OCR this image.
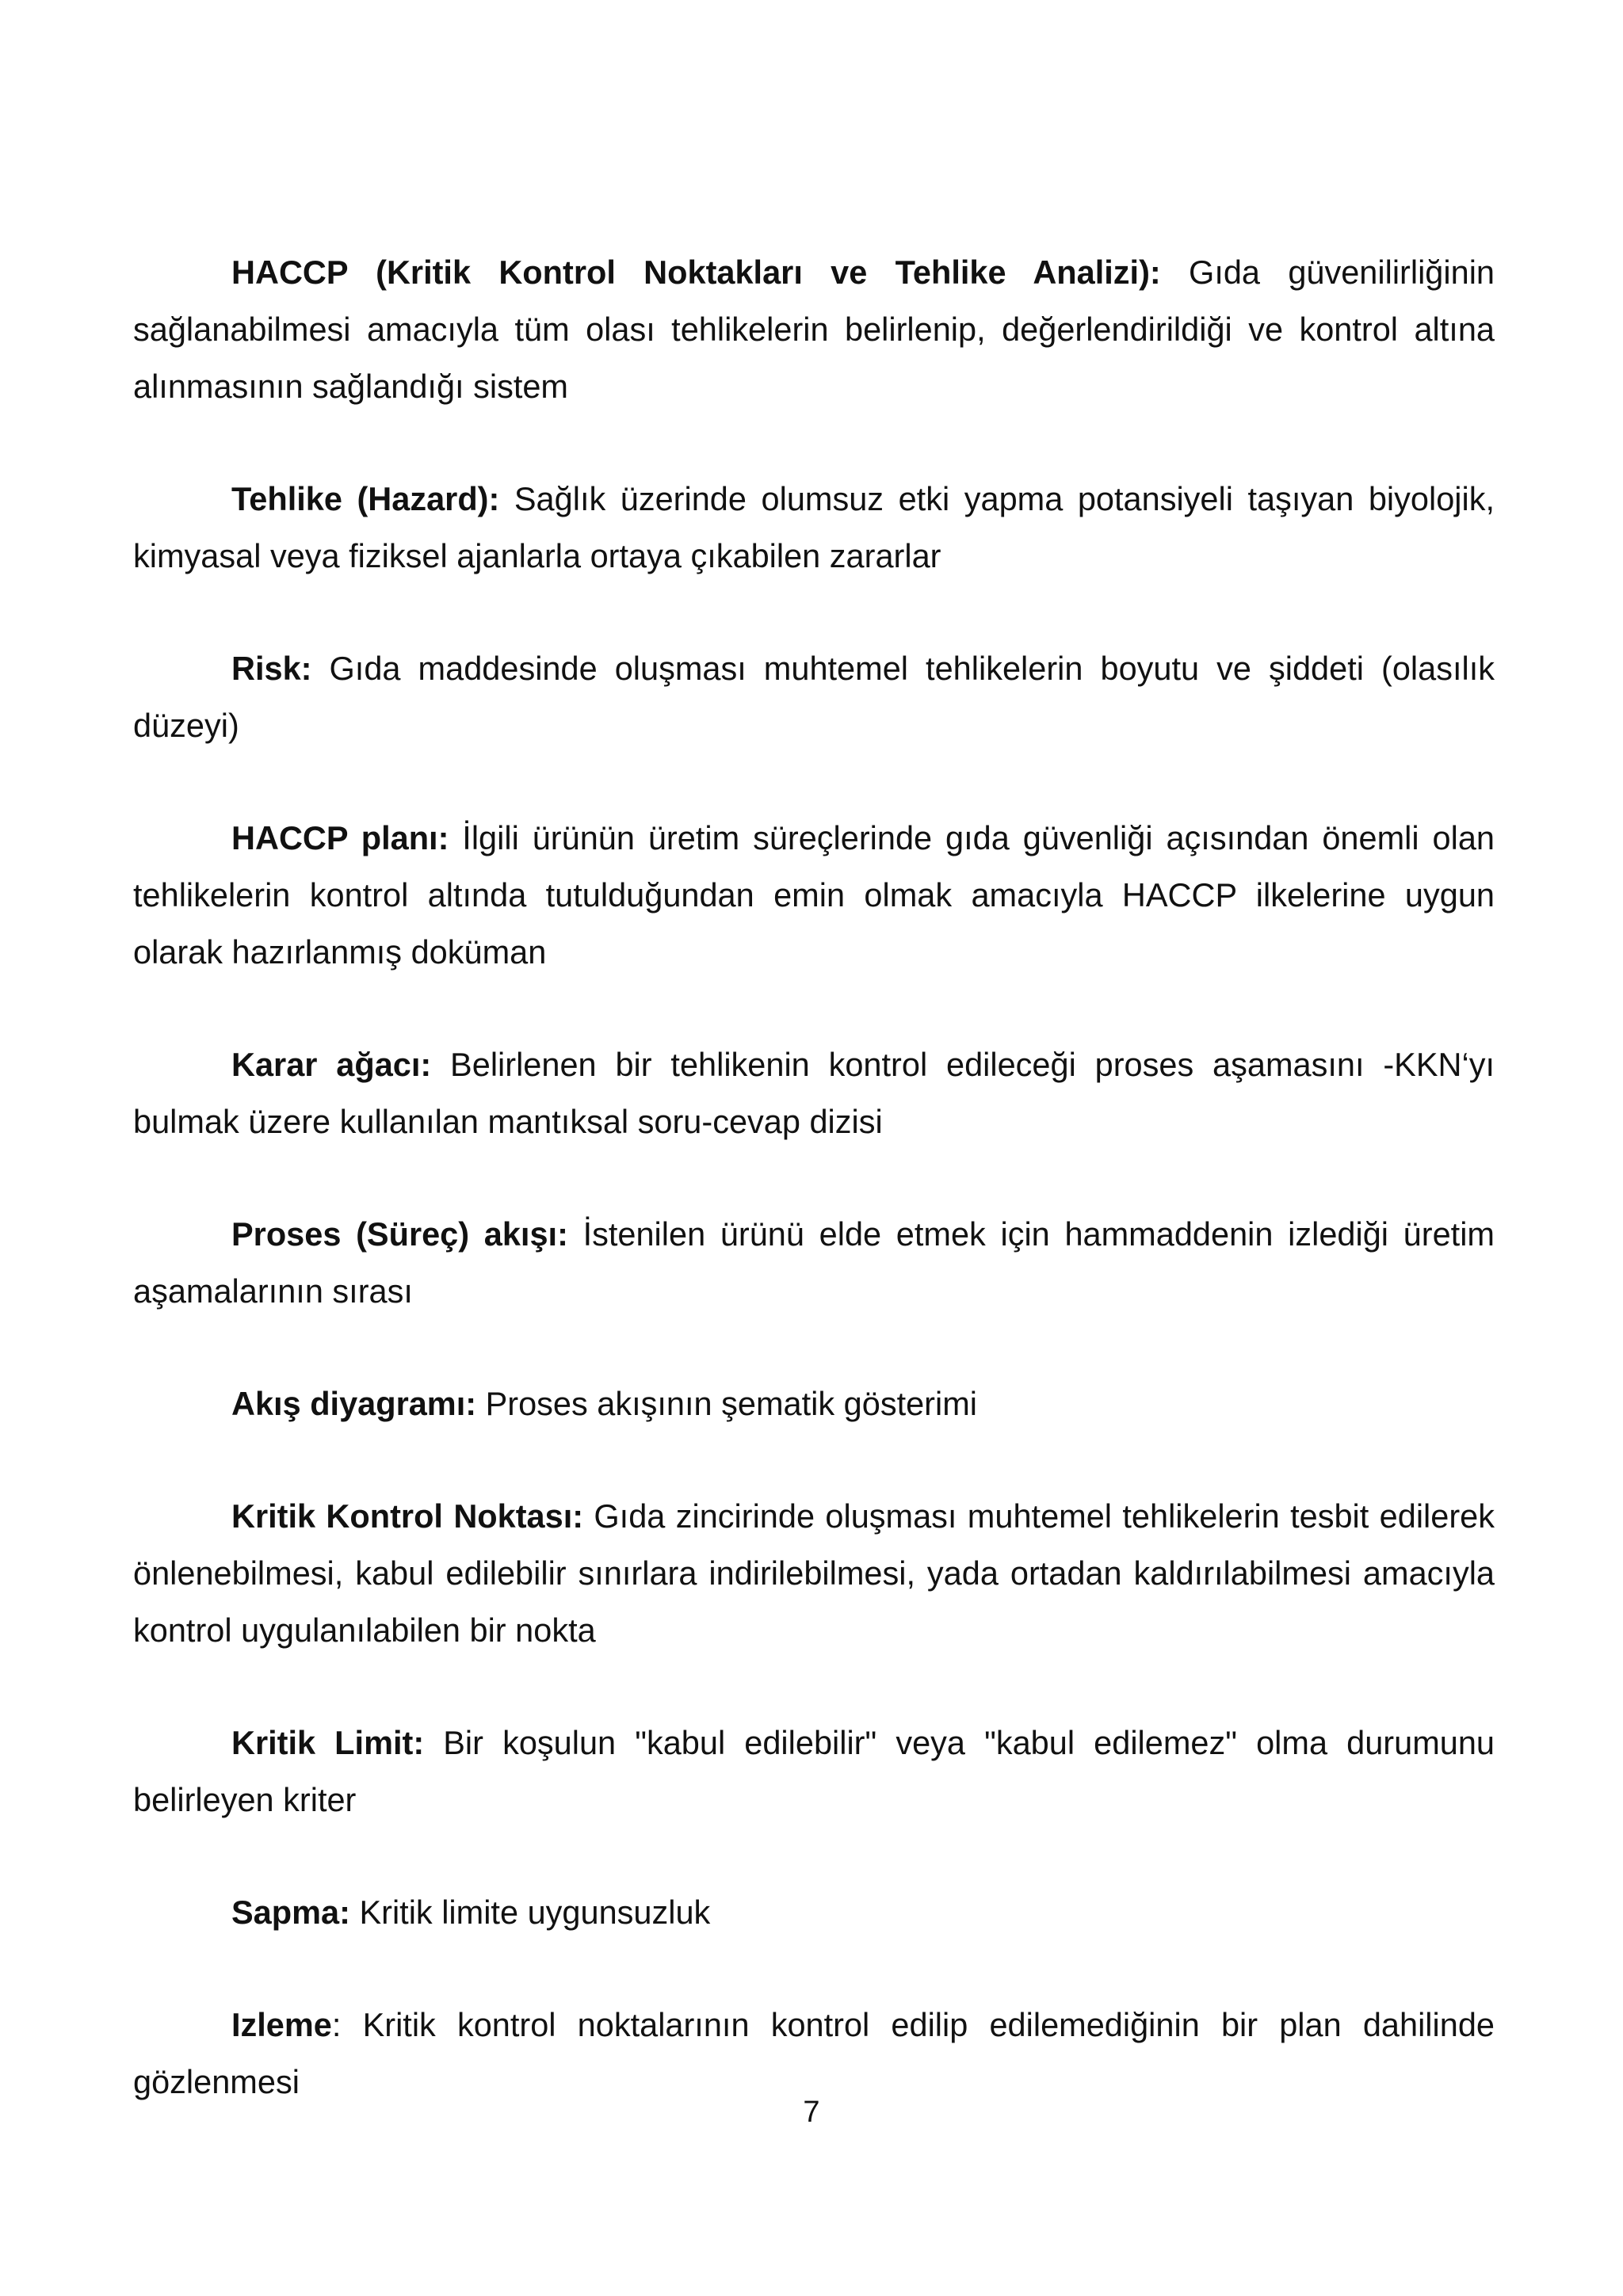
HACCP (Kritik Kontrol Noktakları ve Tehlike Analizi): Gıda güvenilirliğinin sağlanabilmesi amacıyla tüm olası tehlikelerin belirlenip, değerlendirildiği ve kontrol altına alınmasının sağlandığı sistem

Tehlike (Hazard): Sağlık üzerinde olumsuz etki yapma potansiyeli taşıyan biyolojik, kimyasal veya fiziksel ajanlarla ortaya çıkabilen zararlar

Risk: Gıda maddesinde oluşması muhtemel tehlikelerin boyutu ve şiddeti (olasılık düzeyi)

HACCP planı: İlgili ürünün üretim süreçlerinde gıda güvenliği açısından önemli olan tehlikelerin kontrol altında tutulduğundan emin olmak amacıyla HACCP ilkelerine uygun olarak hazırlanmış doküman

Karar ağacı: Belirlenen bir tehlikenin kontrol edileceği proses aşamasını -KKN‘yı bulmak üzere kullanılan mantıksal soru-cevap dizisi

Proses (Süreç) akışı: İstenilen ürünü elde etmek için hammaddenin izlediği üretim aşamalarının sırası

Akış diyagramı: Proses akışının şematik gösterimi

Kritik Kontrol Noktası: Gıda zincirinde oluşması muhtemel tehlikelerin tesbit edilerek önlenebilmesi, kabul edilebilir sınırlara indirilebilmesi, yada ortadan kaldırılabilmesi amacıyla kontrol uygulanılabilen bir nokta

Kritik Limit: Bir koşulun "kabul edilebilir" veya "kabul edilemez" olma durumunu belirleyen kriter

Sapma: Kritik limite uygunsuzluk

Izleme: Kritik kontrol noktalarının kontrol edilip edilemediğinin bir plan dahilinde gözlenmesi

7
